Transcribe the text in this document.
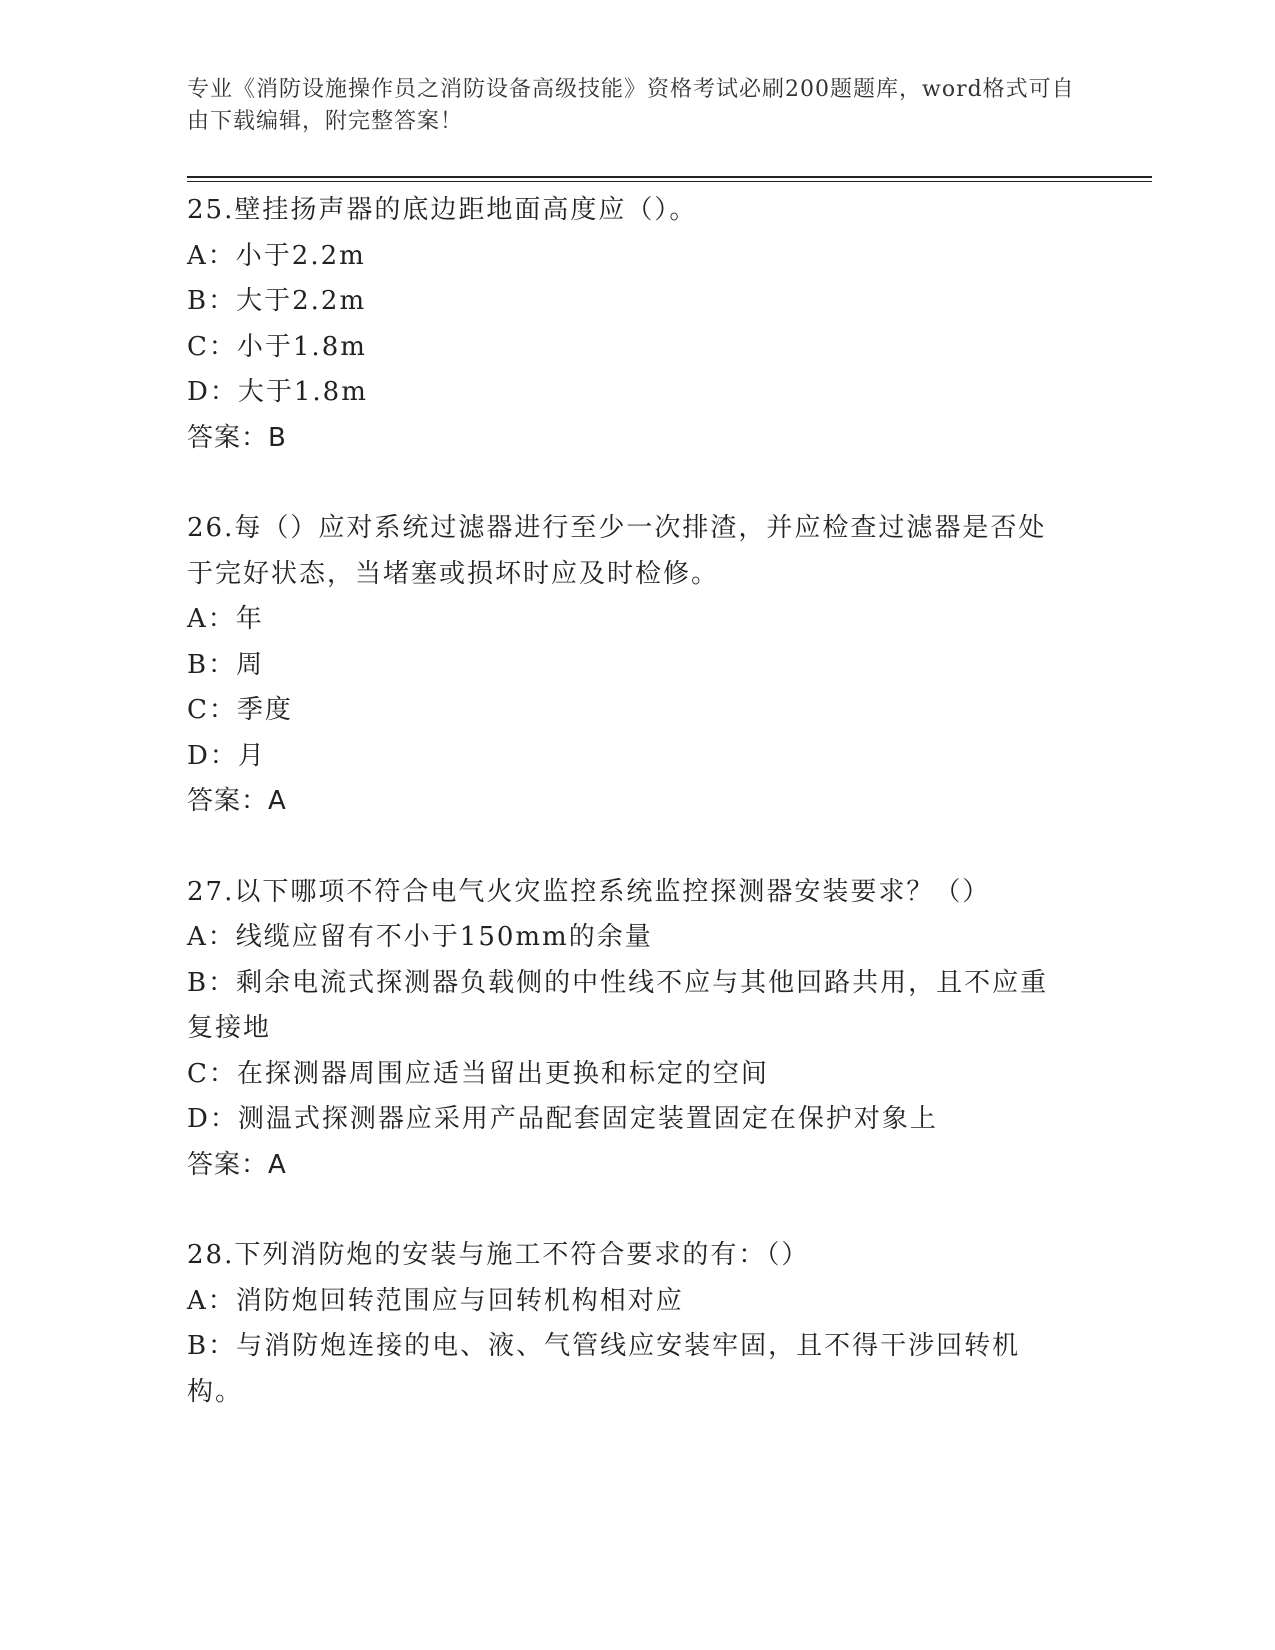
专业《消防设施操作员之消防设备高级技能》资格考试必刷200题题库，word格式可自由下载编辑，附完整答案！
25.壁挂扬声器的底边距地面高度应（）。
A：小于2.2m
B：大于2.2m
C：小于1.8m
D：大于1.8m
答案：B
26.每（）应对系统过滤器进行至少一次排渣，并应检查过滤器是否处于完好状态，当堵塞或损坏时应及时检修。
A：年
B：周
C：季度
D：月
答案：A
27.以下哪项不符合电气火灾监控系统监控探测器安装要求？（）
A：线缆应留有不小于150mm的余量
B：剩余电流式探测器负载侧的中性线不应与其他回路共用，且不应重复接地
C：在探测器周围应适当留出更换和标定的空间
D：测温式探测器应采用产品配套固定装置固定在保护对象上
答案：A
28.下列消防炮的安装与施工不符合要求的有：（）
A：消防炮回转范围应与回转机构相对应
B：与消防炮连接的电、液、气管线应安装牢固，且不得干涉回转机构。
